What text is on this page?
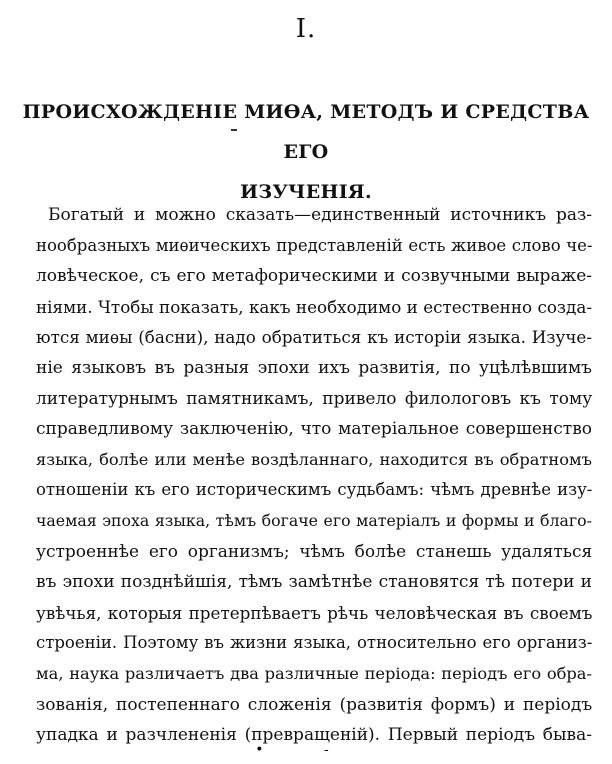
I.
ПРОИСХОЖДЕНІЕ МИѲА, МЕТОДЪ И СРЕДСТВА ЕГО
ИЗУЧЕНІЯ.
Богатый и можно сказать—единственный источникъ раз-
нообразныхъ миѳическихъ представленій есть живое слово че-
ловѣческое, съ его метафорическими и созвучными выраже-
ніями. Чтобы показать, какъ необходимо и естественно созда-
ются миѳы (басни), надо обратиться къ исторіи языка. Изуче-
ніе языковъ въ разныя эпохи ихъ развитія, по уцѣлѣвшимъ
литературнымъ памятникамъ, привело филологовъ къ тому
справедливому заключенію, что матеріальное совершенство
языка, болѣе или менѣе воздѣланнаго, находится въ обратномъ
отношеніи къ его историческимъ судьбамъ: чѣмъ древнѣе изу-
чаемая эпоха языка, тѣмъ богаче его матеріалъ и формы и благо-
устроеннѣе его организмъ; чѣмъ болѣе станешь удаляться
въ эпохи позднѣйшія, тѣмъ замѣтнѣе становятся тѣ потери и
увѣчья, которыя претерпѣваетъ рѣчь человѣческая въ своемъ
строеніи. Поэтому въ жизни языка, относительно его организ-
ма, наука различаетъ два различные періода: періодъ его обра-
зованія, постепеннаго сложенія (развитія формъ) и періодъ
упадка и разчлененія (превращеній). Первый періодъ быва-
• -
